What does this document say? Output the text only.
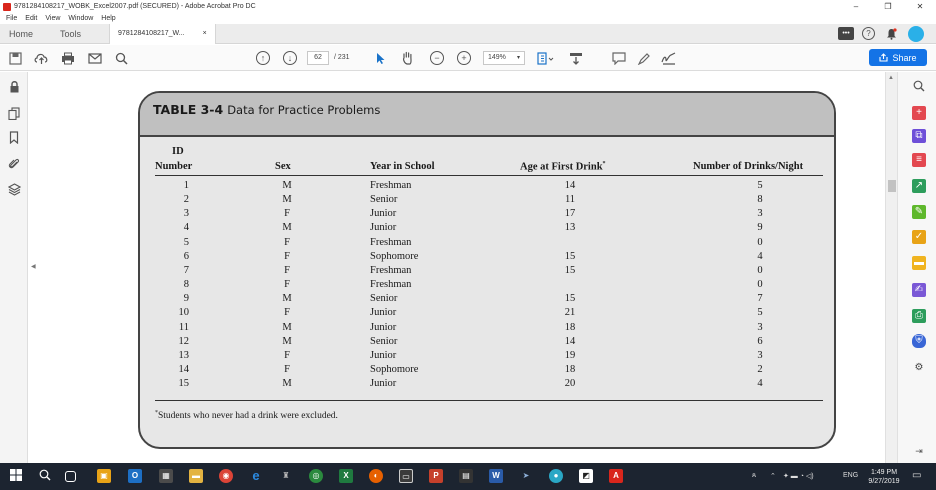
9781284108217_WOBK_Excel2007.pdf (SECURED) - Adobe Acrobat Pro DC	–	❐	✕
File Edit View Window Help
Home	Tools	9781284108217_W...	×	•••	?
↑	↓	62	/ 231	−	+	149% ▾	Share
◀
TABLE 3-4 Data for Practice Problems
ID
Number	Sex	Year in School	Age at First Drink*	Number of Drinks/Night
1	M	Freshman	14	5
2	M	Senior	11	8
3	F	Junior	17	3
4	M	Junior	13	9
5	F	Freshman	0
6	F	Sophomore	15	4
7	F	Freshman	15	0
8	F	Freshman	0
9	M	Senior	15	7
10	F	Junior	21	5
11	M	Junior	18	3
12	M	Senior	14	6
13	F	Junior	19	3
14	F	Sophomore	18	2
15	M	Junior	20	4
*Students who never had a drink were excluded.
▲
+
⧉
≡
↗
✎
✓
▬
✍
⎙
⛨
⚙
⇥
▣	O	▦	▬	◉ e	♜	◎	X	◐	▭	P	▤	W	➤	●	◩	A	ጰ ⌃ ✦ ▬ ◔ ◁)	ENG	1:49 PM
9/27/2019
▭
